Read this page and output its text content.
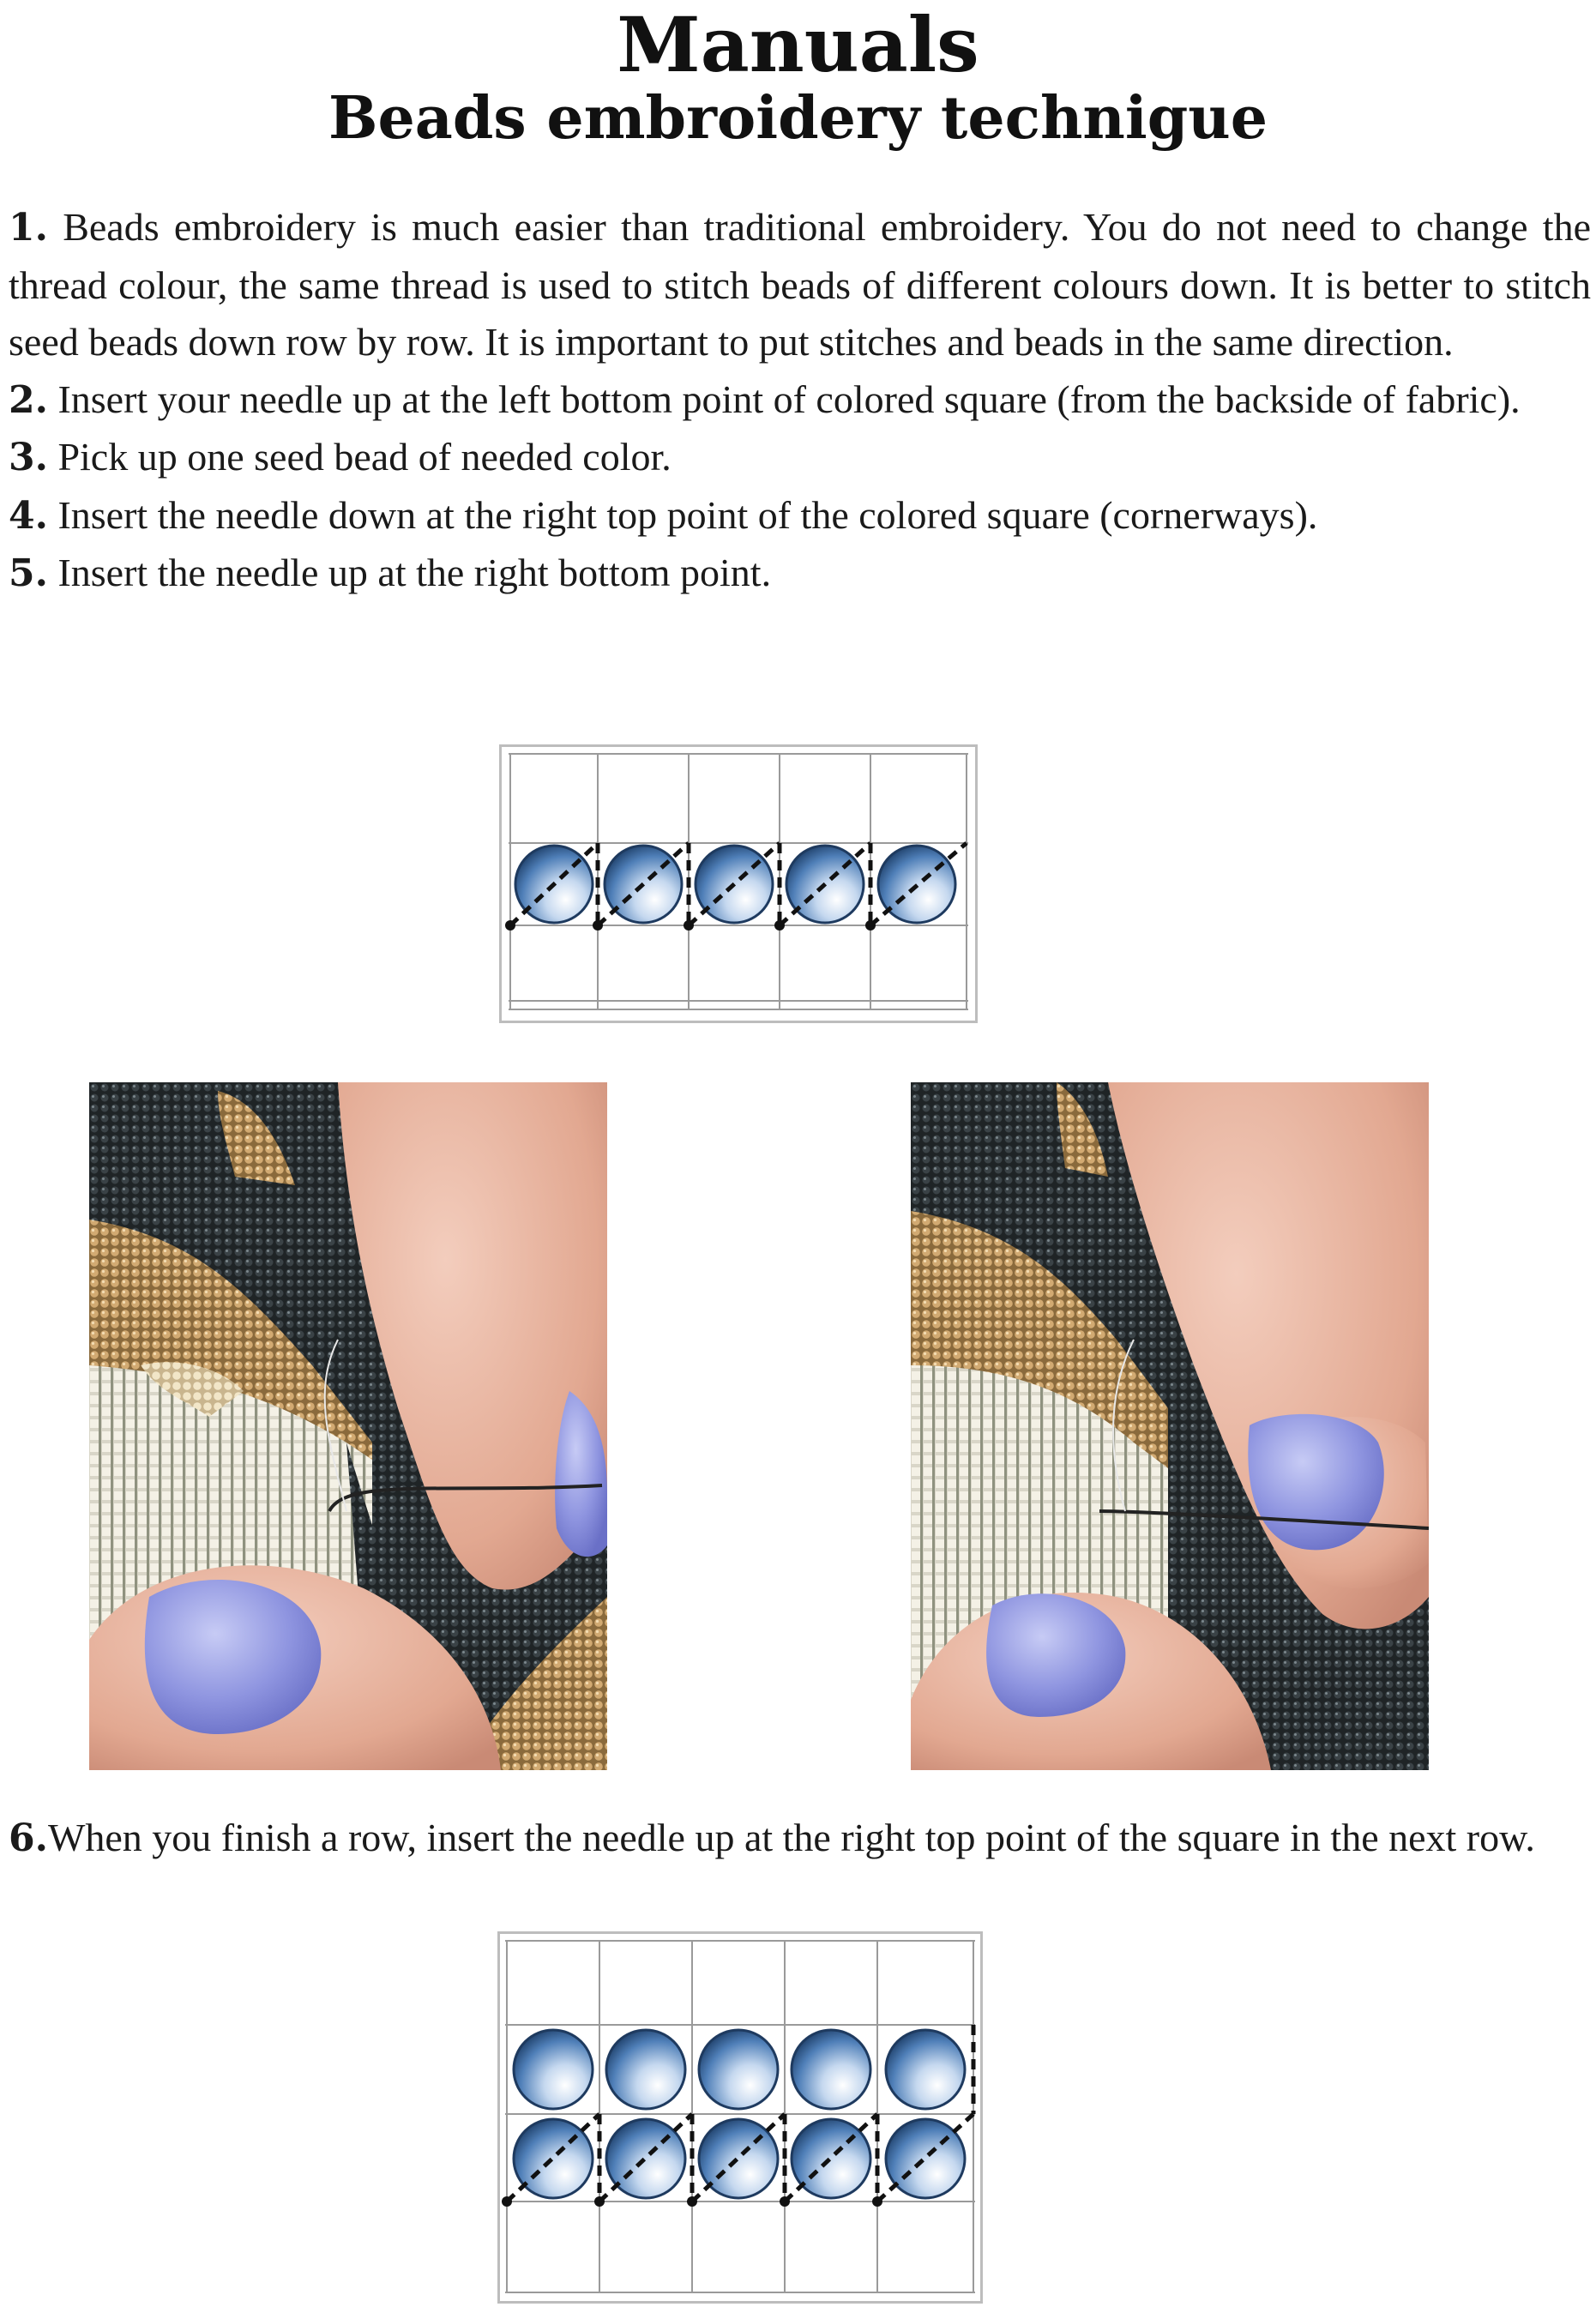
Manuals
Beads embroidery technigue

1. Beads embroidery is much easier than traditional embroidery. You do not need to change the thread colour, the same thread is used to stitch beads of different colours down. It is better to stitch seed beads down row by row. It is important to put stitches and beads in the same direction.

2. Insert your needle up at the left bottom point of colored square (from the backside of fabric).

3. Pick up one seed bead of needed color.

4. Insert the needle down at the right top point of the colored square (cornerways).

5. Insert the needle up at the right bottom point.

6.When you finish a row, insert the needle up at the right top point of the square in the next row.
